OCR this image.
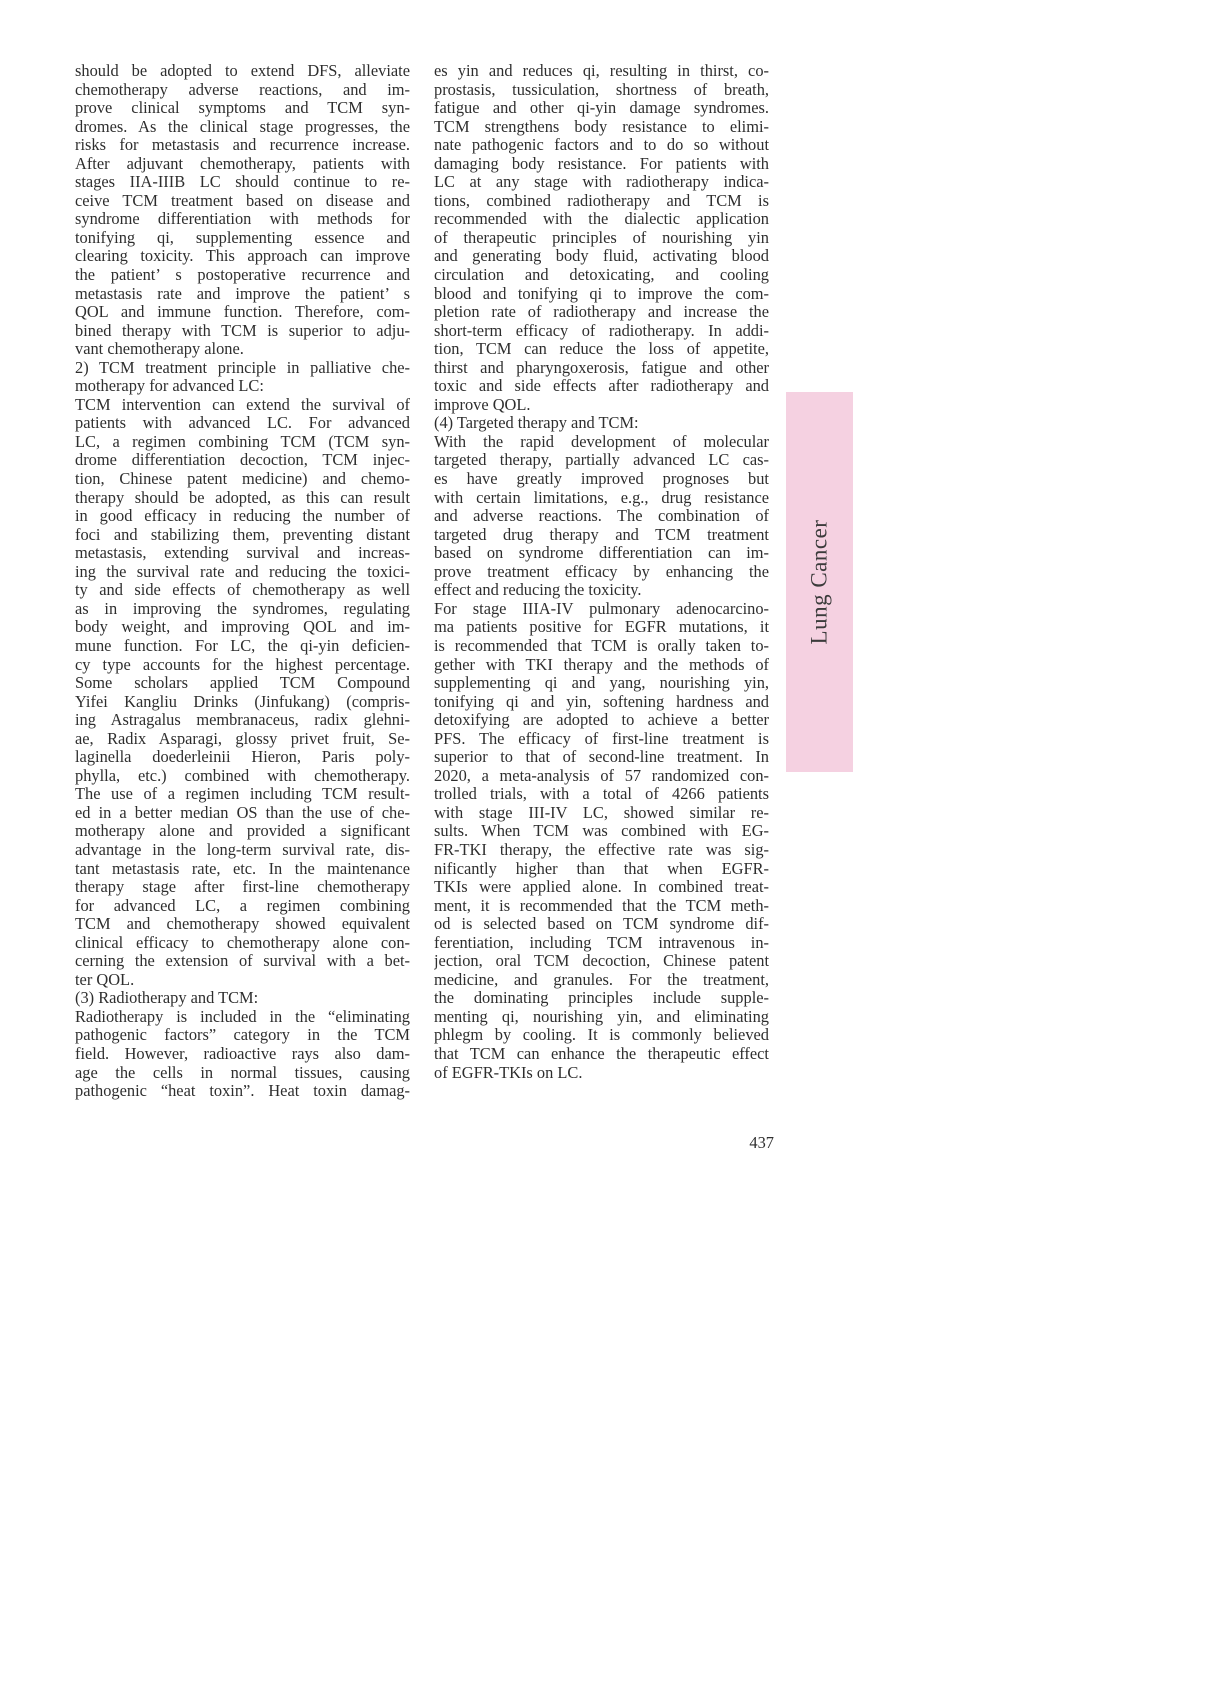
should be adopted to extend DFS, alleviate
chemotherapy adverse reactions, and im-
prove clinical symptoms and TCM syn-
dromes. As the clinical stage progresses, the
risks for metastasis and recurrence increase.
After adjuvant chemotherapy, patients with
stages IIA-IIIB LC should continue to re-
ceive TCM treatment based on disease and
syndrome differentiation with methods for
tonifying qi, supplementing essence and
clearing toxicity. This approach can improve
the patient’ s postoperative recurrence and
metastasis rate and improve the patient’ s
QOL and immune function. Therefore, com-
bined therapy with TCM is superior to adju-
vant chemotherapy alone.
2) TCM treatment principle in palliative che-
motherapy for advanced LC:
TCM intervention can extend the survival of
patients with advanced LC. For advanced
LC, a regimen combining TCM (TCM syn-
drome differentiation decoction, TCM injec-
tion, Chinese patent medicine) and chemo-
therapy should be adopted, as this can result
in good efficacy in reducing the number of
foci and stabilizing them, preventing distant
metastasis, extending survival and increas-
ing the survival rate and reducing the toxici-
ty and side effects of chemotherapy as well
as in improving the syndromes, regulating
body weight, and improving QOL and im-
mune function. For LC, the qi-yin deficien-
cy type accounts for the highest percentage.
Some scholars applied TCM Compound
Yifei Kangliu Drinks (Jinfukang) (compris-
ing Astragalus membranaceus, radix glehni-
ae, Radix Asparagi, glossy privet fruit, Se-
laginella doederleinii Hieron, Paris poly-
phylla, etc.) combined with chemotherapy.
The use of a regimen including TCM result-
ed in a better median OS than the use of che-
motherapy alone and provided a significant
advantage in the long-term survival rate, dis-
tant metastasis rate, etc. In the maintenance
therapy stage after first-line chemotherapy
for advanced LC, a regimen combining
TCM and chemotherapy showed equivalent
clinical efficacy to chemotherapy alone con-
cerning the extension of survival with a bet-
ter QOL.
(3) Radiotherapy and TCM:
Radiotherapy is included in the “eliminating
pathogenic factors” category in the TCM
field. However, radioactive rays also dam-
age the cells in normal tissues, causing
pathogenic “heat toxin”. Heat toxin damag-
es yin and reduces qi, resulting in thirst, co-
prostasis, tussiculation, shortness of breath,
fatigue and other qi-yin damage syndromes.
TCM strengthens body resistance to elimi-
nate pathogenic factors and to do so without
damaging body resistance. For patients with
LC at any stage with radiotherapy indica-
tions, combined radiotherapy and TCM is
recommended with the dialectic application
of therapeutic principles of nourishing yin
and generating body fluid, activating blood
circulation and detoxicating, and cooling
blood and tonifying qi to improve the com-
pletion rate of radiotherapy and increase the
short-term efficacy of radiotherapy. In addi-
tion, TCM can reduce the loss of appetite,
thirst and pharyngoxerosis, fatigue and other
toxic and side effects after radiotherapy and
improve QOL.
(4) Targeted therapy and TCM:
With the rapid development of molecular
targeted therapy, partially advanced LC cas-
es have greatly improved prognoses but
with certain limitations, e.g., drug resistance
and adverse reactions. The combination of
targeted drug therapy and TCM treatment
based on syndrome differentiation can im-
prove treatment efficacy by enhancing the
effect and reducing the toxicity.
For stage IIIA-IV pulmonary adenocarcino-
ma patients positive for EGFR mutations, it
is recommended that TCM is orally taken to-
gether with TKI therapy and the methods of
supplementing qi and yang, nourishing yin,
tonifying qi and yin, softening hardness and
detoxifying are adopted to achieve a better
PFS. The efficacy of first-line treatment is
superior to that of second-line treatment. In
2020, a meta-analysis of 57 randomized con-
trolled trials, with a total of 4266 patients
with stage III-IV LC, showed similar re-
sults. When TCM was combined with EG-
FR-TKI therapy, the effective rate was sig-
nificantly higher than that when EGFR-
TKIs were applied alone. In combined treat-
ment, it is recommended that the TCM meth-
od is selected based on TCM syndrome dif-
ferentiation, including TCM intravenous in-
jection, oral TCM decoction, Chinese patent
medicine, and granules. For the treatment,
the dominating principles include supple-
menting qi, nourishing yin, and eliminating
phlegm by cooling. It is commonly believed
that TCM can enhance the therapeutic effect
of EGFR-TKIs on LC.
Lung Cancer
437
